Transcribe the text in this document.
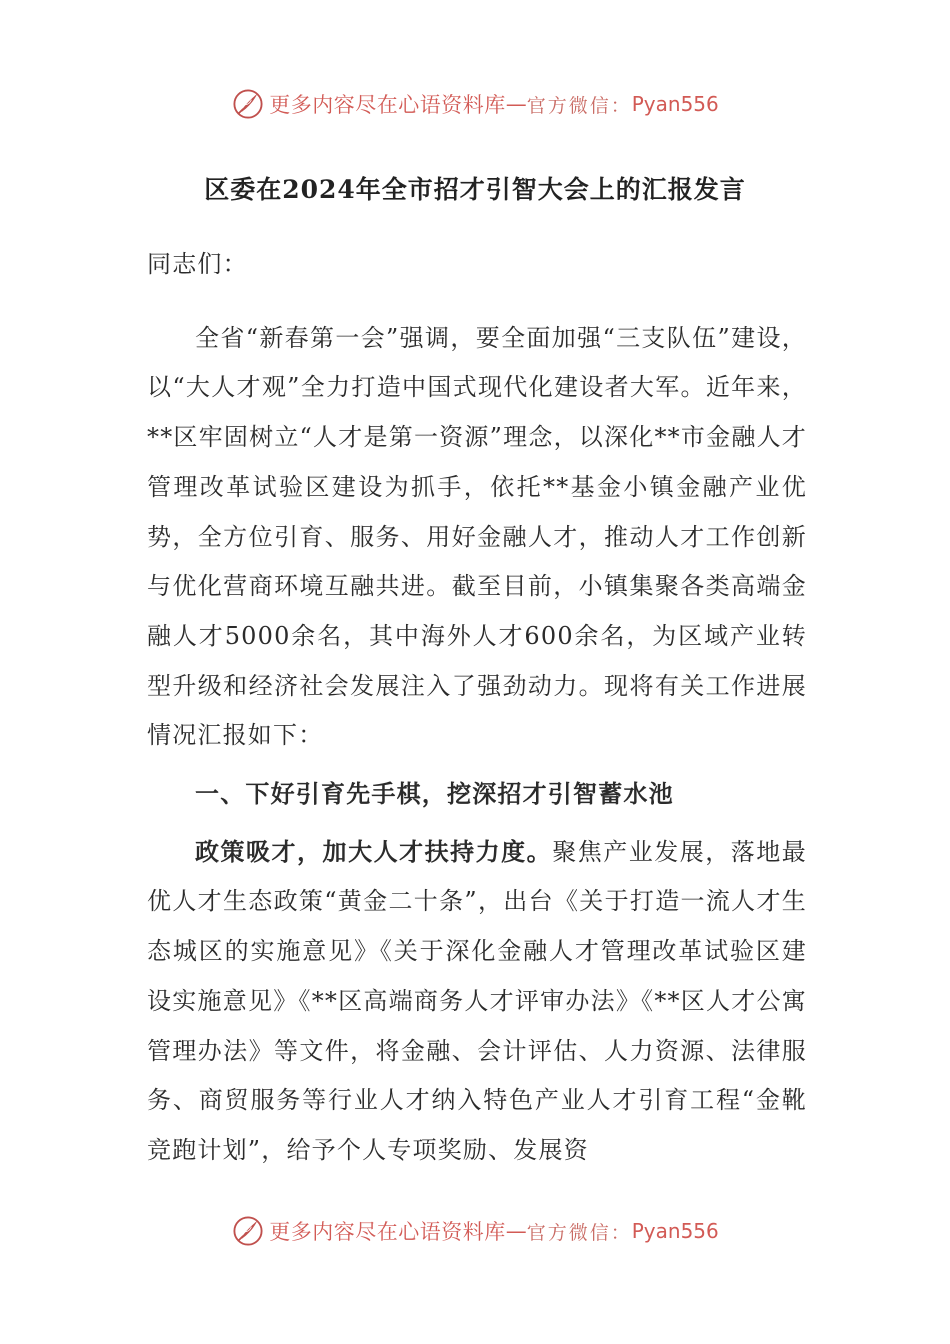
更多内容尽在心语资料库 — 官方微信： Pyan556
区委在2024年全市招才引智大会上的汇报发言

同志们：

全省“新春第一会”强调，要全面加强“三支队伍”建设，以“大人才观”全力打造中国式现代化建设者大军。近年来，**区牢固树立“人才是第一资源”理念，以深化**市金融人才管理改革试验区建设为抓手，依托**基金小镇金融产业优势，全方位引育、服务、用好金融人才，推动人才工作创新与优化营商环境互融共进。截至目前，小镇集聚各类高端金融人才5000余名，其中海外人才600余名，为区域产业转型升级和经济社会发展注入了强劲动力。现将有关工作进展情况汇报如下：

一、下好引育先手棋，挖深招才引智蓄水池

政策吸才，加大人才扶持力度。聚焦产业发展，落地最优人才生态政策“黄金二十条”，出台《关于打造一流人才生态城区的实施意见》《关于深化金融人才管理改革试验区建设实施意见》《**区高端商务人才评审办法》《**区人才公寓管理办法》等文件，将金融、会计评估、人力资源、法律服务、商贸服务等行业人才纳入特色产业人才引育工程“金靴竞跑计划”，给予个人专项奖励、发展资

更多内容尽在心语资料库 — 官方微信： Pyan556
